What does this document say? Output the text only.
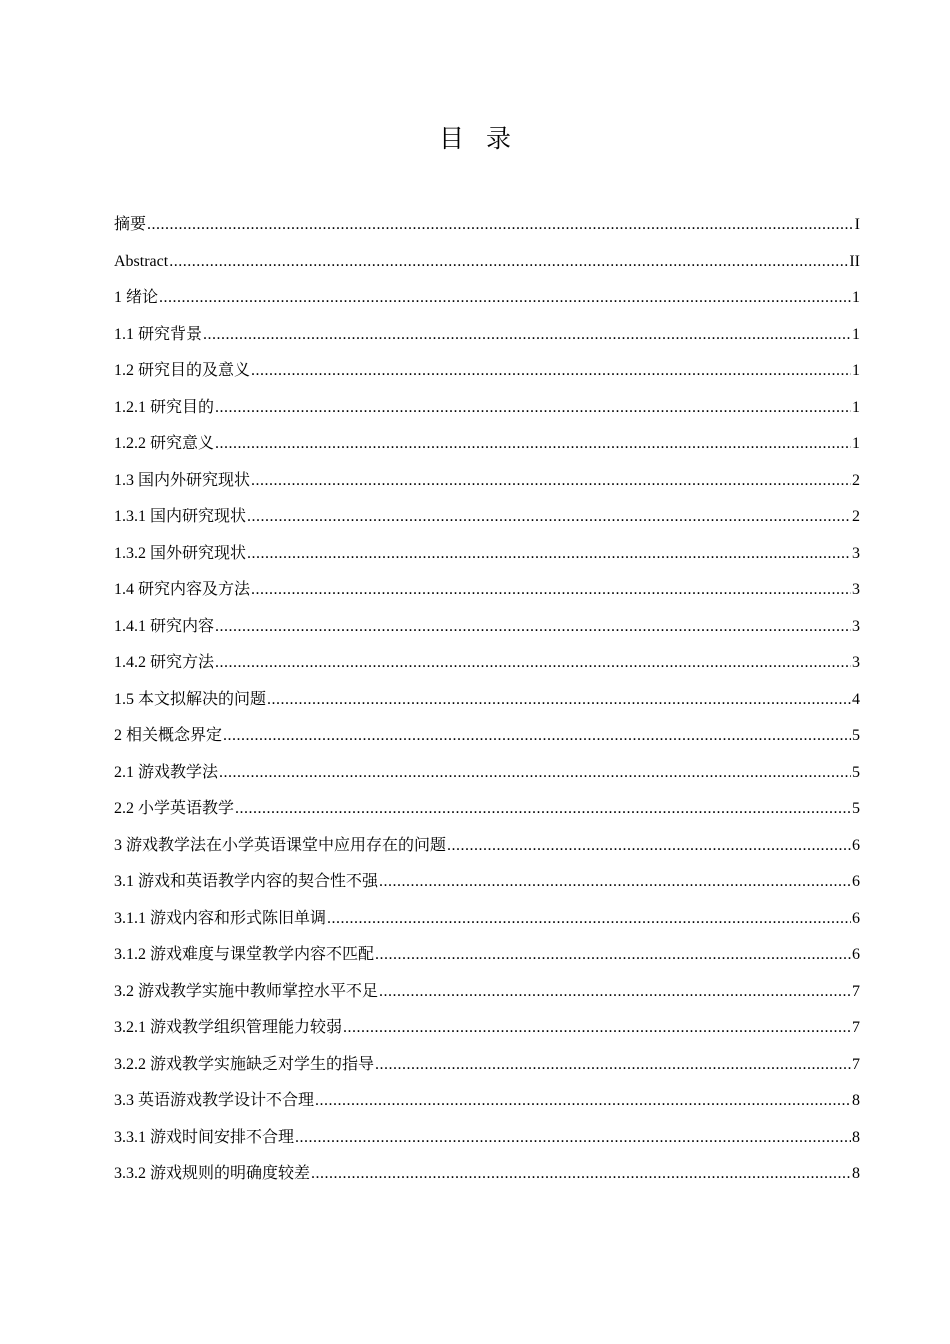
目录
摘要 .....	I
Abstract .....	II
1 绪论 .....	1
1.1 研究背景 .....	1
1.2 研究目的及意义 .....	1
1.2.1 研究目的 .....	1
1.2.2 研究意义 .....	1
1.3 国内外研究现状 .....	2
1.3.1 国内研究现状 .....	2
1.3.2 国外研究现状 .....	3
1.4 研究内容及方法 .....	3
1.4.1 研究内容 .....	3
1.4.2 研究方法 .....	3
1.5 本文拟解决的问题 .....	4
2 相关概念界定 .....	5
2.1 游戏教学法 .....	5
2.2 小学英语教学 .....	5
3 游戏教学法在小学英语课堂中应用存在的问题 .....	6
3.1 游戏和英语教学内容的契合性不强 .....	6
3.1.1 游戏内容和形式陈旧单调 .....	6
3.1.2 游戏难度与课堂教学内容不匹配 .....	6
3.2 游戏教学实施中教师掌控水平不足 .....	7
3.2.1 游戏教学组织管理能力较弱 .....	7
3.2.2 游戏教学实施缺乏对学生的指导 .....	7
3.3 英语游戏教学设计不合理 .....	8
3.3.1 游戏时间安排不合理 .....	8
3.3.2 游戏规则的明确度较差 .....	8
